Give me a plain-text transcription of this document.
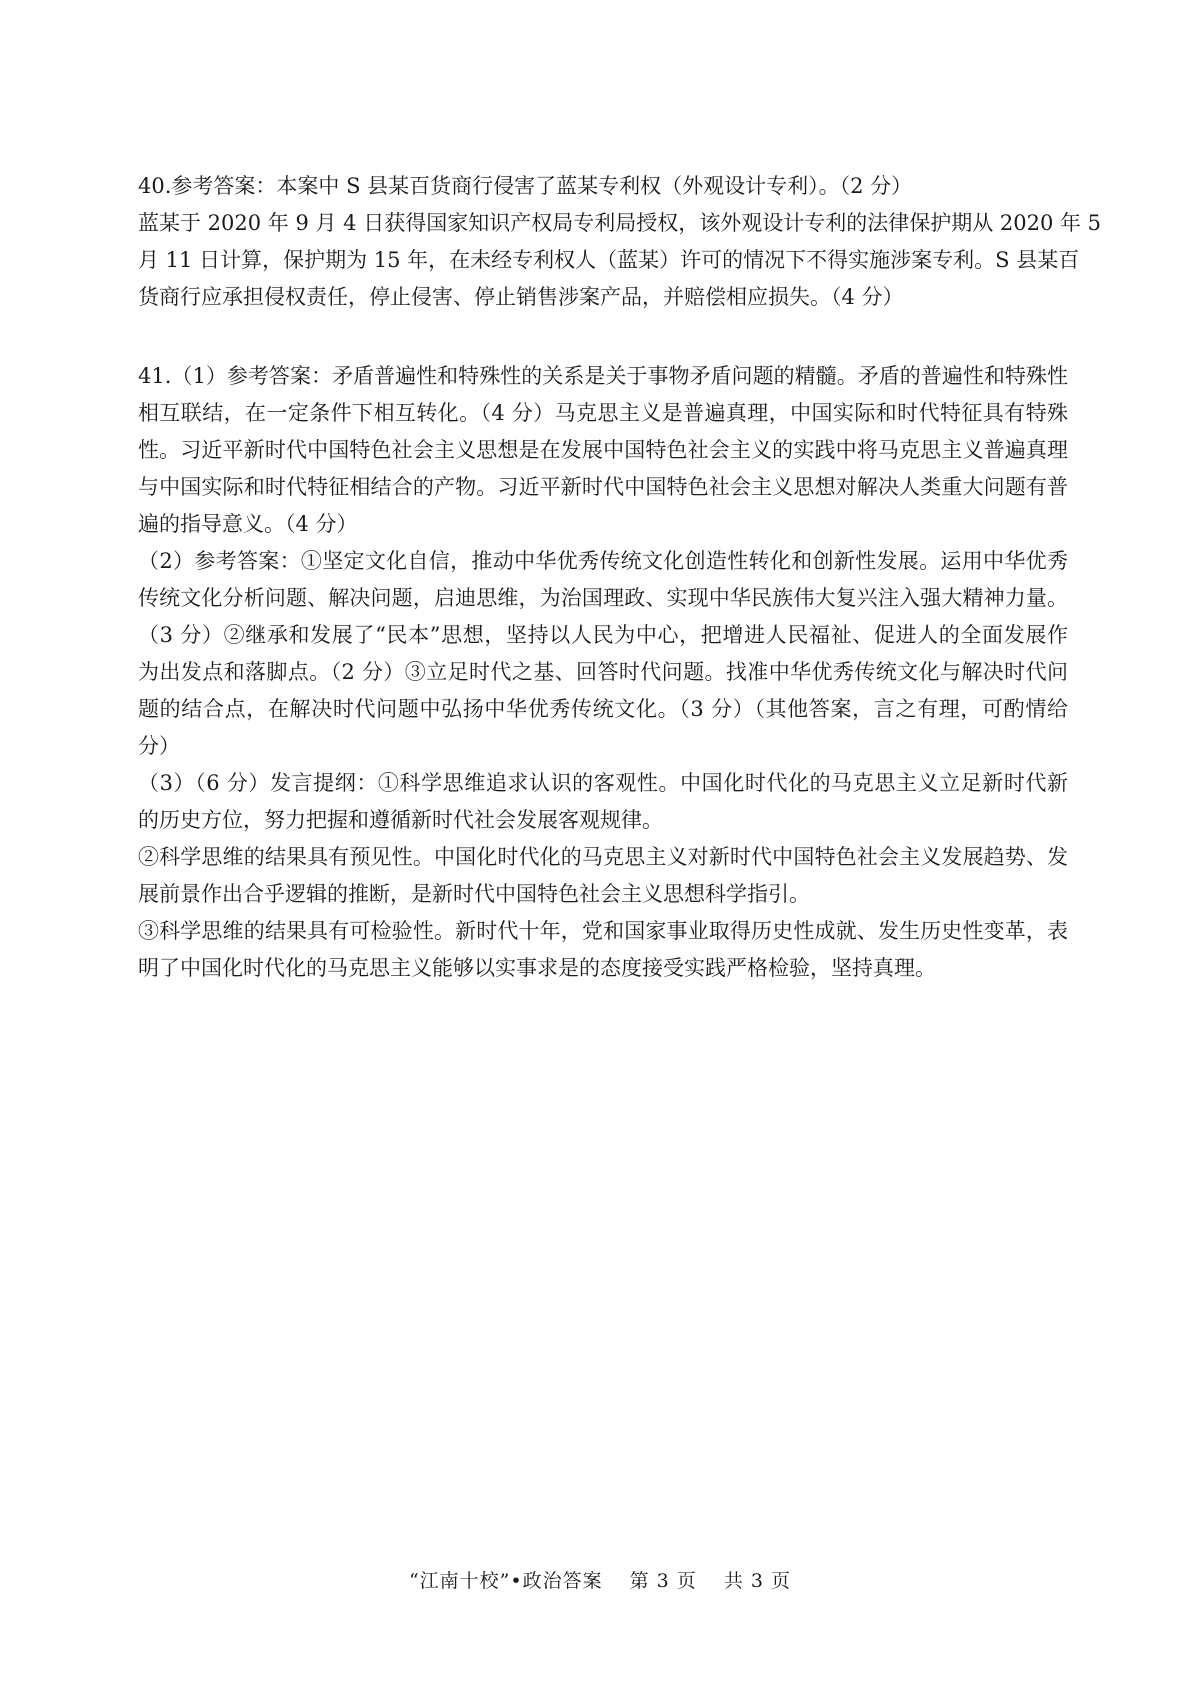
40.参考答案：本案中 S 县某百货商行侵害了蓝某专利权（外观设计专利）。（2 分）
蓝某于 2020 年 9 月 4 日获得国家知识产权局专利局授权，该外观设计专利的法律保护期从 2020 年 5
月 11 日计算，保护期为 15 年，在未经专利权人（蓝某）许可的情况下不得实施涉案专利。S 县某百
货商行应承担侵权责任，停止侵害、停止销售涉案产品，并赔偿相应损失。（4 分）
41.（1）参考答案：矛盾普遍性和特殊性的关系是关于事物矛盾问题的精髓。矛盾的普遍性和特殊性
相互联结，在一定条件下相互转化。（4 分）马克思主义是普遍真理，中国实际和时代特征具有特殊
性。习近平新时代中国特色社会主义思想是在发展中国特色社会主义的实践中将马克思主义普遍真理
与中国实际和时代特征相结合的产物。习近平新时代中国特色社会主义思想对解决人类重大问题有普
遍的指导意义。（4 分）
（2）参考答案：①坚定文化自信，推动中华优秀传统文化创造性转化和创新性发展。运用中华优秀
传统文化分析问题、解决问题，启迪思维，为治国理政、实现中华民族伟大复兴注入强大精神力量。
（3 分）②继承和发展了“民本”思想，坚持以人民为中心，把增进人民福祉、促进人的全面发展作
为出发点和落脚点。（2 分）③立足时代之基、回答时代问题。找准中华优秀传统文化与解决时代问
题的结合点，在解决时代问题中弘扬中华优秀传统文化。（3 分）（其他答案，言之有理，可酌情给
分）
（3）（6 分）发言提纲：①科学思维追求认识的客观性。中国化时代化的马克思主义立足新时代新
的历史方位，努力把握和遵循新时代社会发展客观规律。
②科学思维的结果具有预见性。中国化时代化的马克思主义对新时代中国特色社会主义发展趋势、发
展前景作出合乎逻辑的推断，是新时代中国特色社会主义思想科学指引。
③科学思维的结果具有可检验性。新时代十年，党和国家事业取得历史性成就、发生历史性变革，表
明了中国化时代化的马克思主义能够以实事求是的态度接受实践严格检验，坚持真理。
“江南十校”•政治答案 第 3 页 共 3 页
